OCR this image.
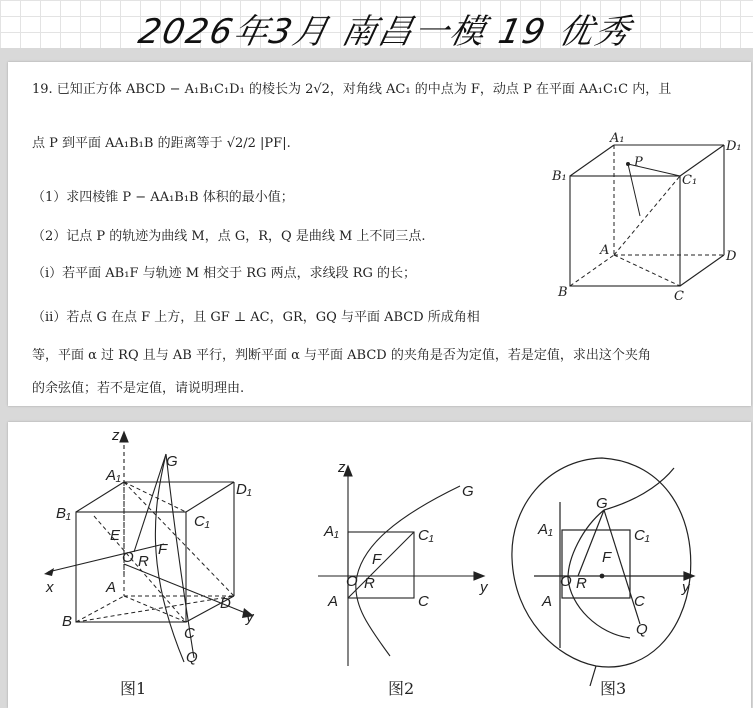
2026年3月 南昌一模 19 优秀
19. 已知正方体 ABCD − A₁B₁C₁D₁ 的棱长为 2√2，对角线 AC₁ 的中点为 F，动点 P 在平面 AA₁C₁C 内，且
点 P 到平面 AA₁B₁B 的距离等于 √2/2 |PF|.
（1）求四棱锥 P − AA₁B₁B 体积的最小值；
（2）记点 P 的轨迹为曲线 M，点 G，R，Q 是曲线 M 上不同三点.
（i）若平面 AB₁F 与轨迹 M 相交于 RG 两点，求线段 RG 的长；
（ii）若点 G 在点 F 上方，且 GF ⊥ AC，GR，GQ 与平面 ABCD 所成角相
等，平面 α 过 RQ 且与 AB 平行，判断平面 α 与平面 ABCD 的夹角是否为定值，若是定值，求出这个夹角
的余弦值；若不是定值，请说明理由.
A₁
D₁
B₁
P
C₁
A	D
B	C
z
A₁
G
D₁
B₁
E
C₁
F
O R
x	A
D
y
B
C
Q
图1
z
G
A₁	C₁
F
O R	y
A	C
图2
G
A₁	C₁
F
O R	y
A	C
Q
图3
